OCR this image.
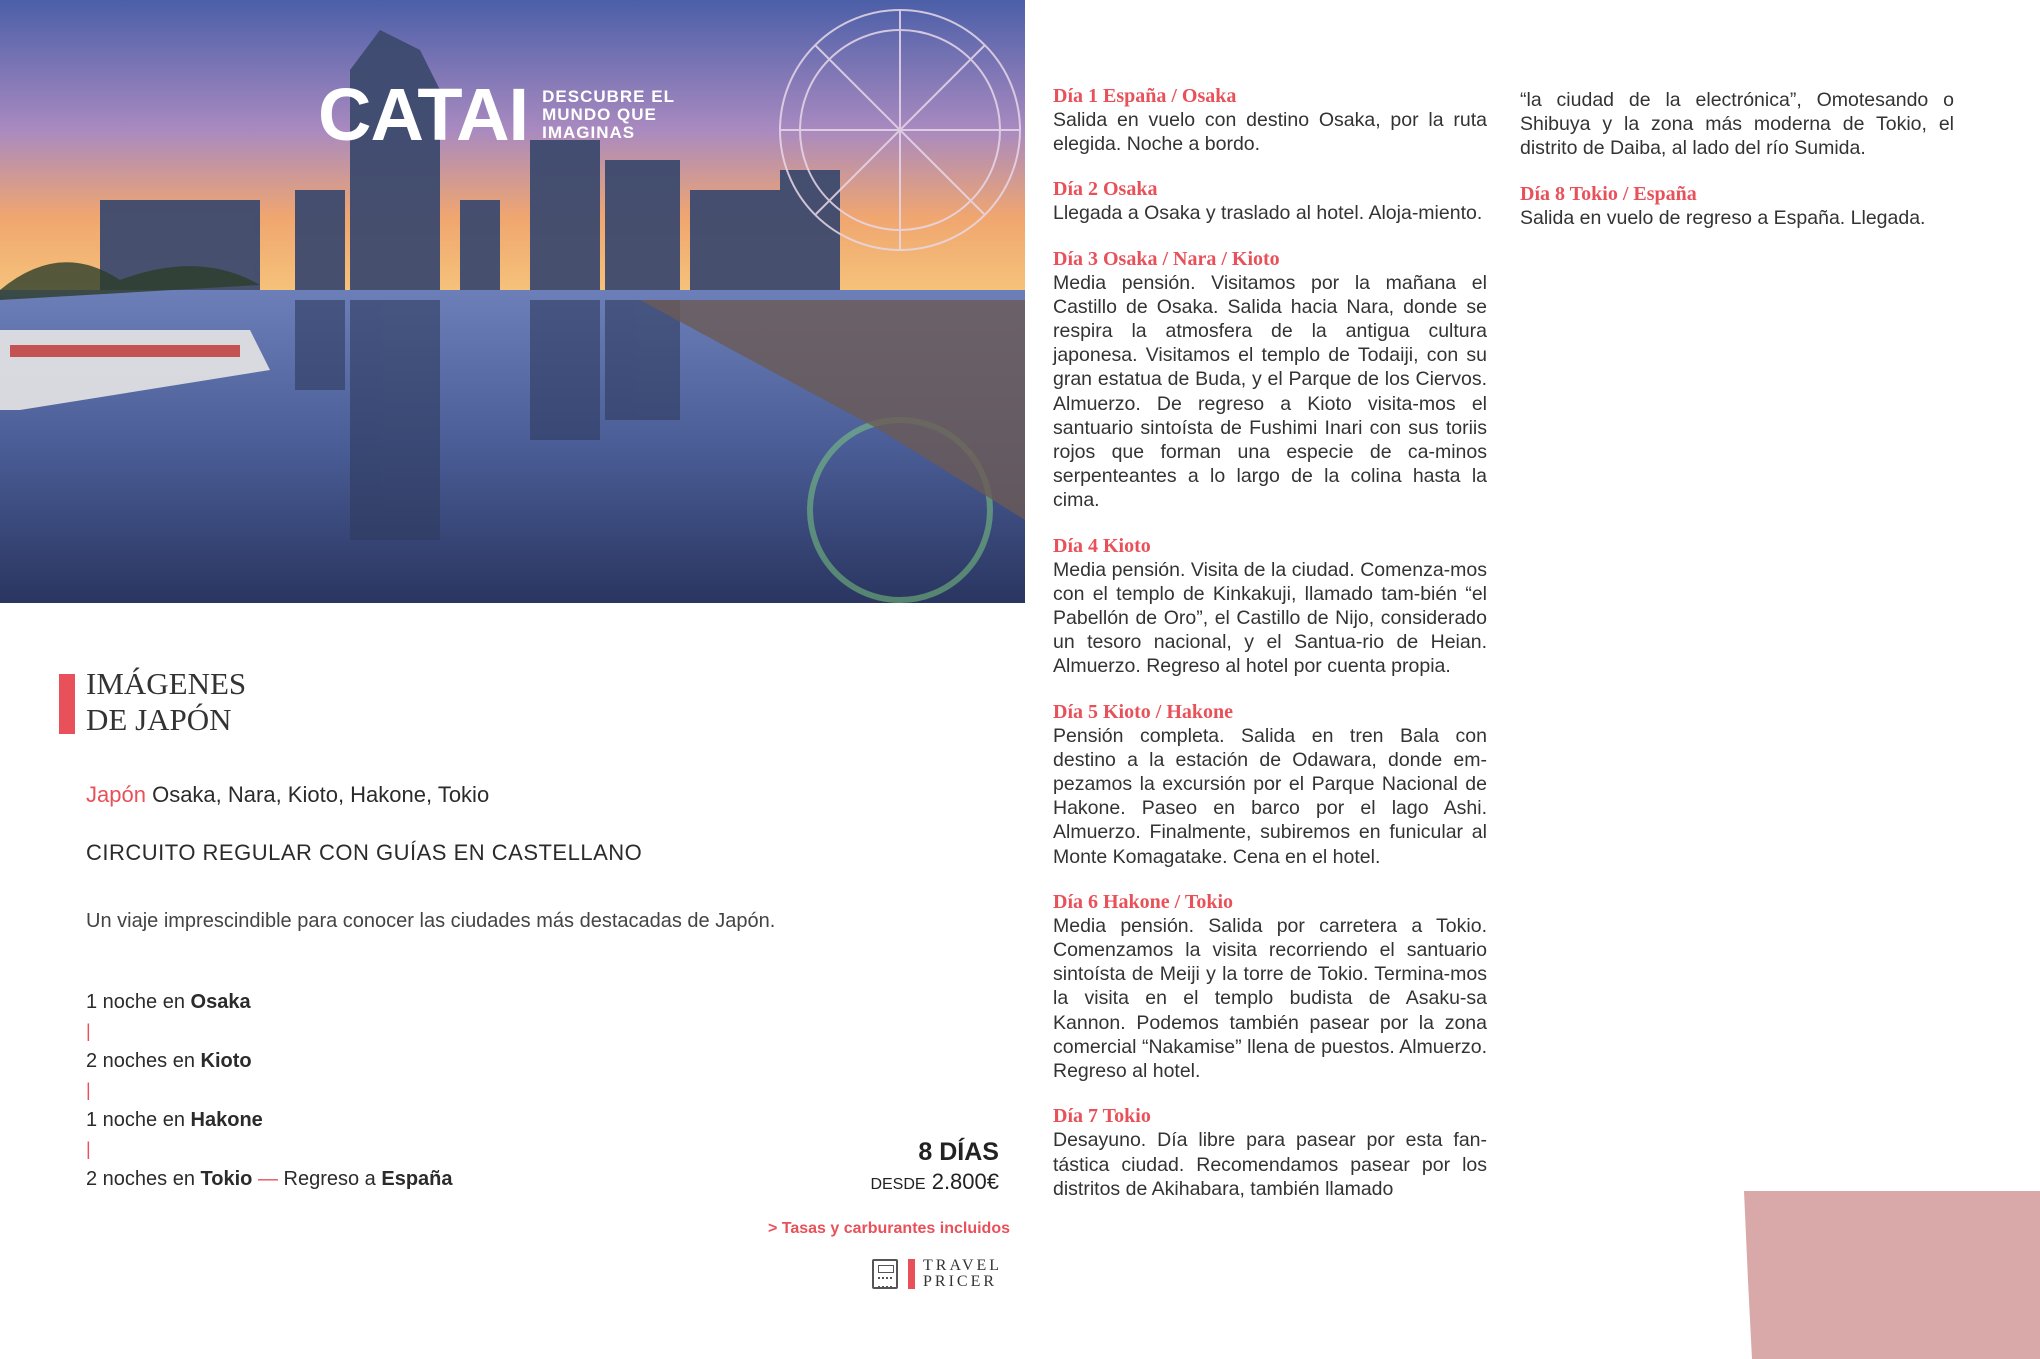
CATAI DESCUBRE EL
MUNDO QUE
IMAGINAS
IMÁGENES
DE JAPÓN
Japón Osaka, Nara, Kioto, Hakone, Tokio
CIRCUITO REGULAR CON GUÍAS EN CASTELLANO
Un viaje imprescindible para conocer las ciudades más destacadas de Japón.
1 noche en Osaka
|
2 noches en Kioto
|
1 noche en Hakone
|
2 noches en Tokio — Regreso a España
8 DÍAS
DESDE 2.800€
> Tasas y carburantes incluidos
TRAVEL
PRICER
Día 1 España / Osaka
Salida en vuelo con destino Osaka, por la ruta elegida. Noche a bordo.
Día 2 Osaka
Llegada a Osaka y traslado al hotel. Aloja-miento.
Día 3 Osaka / Nara / Kioto
Media pensión. Visitamos por la mañana el Castillo de Osaka. Salida hacia Nara, donde se respira la atmosfera de la antigua cultura japonesa. Visitamos el templo de Todaiji, con su gran estatua de Buda, y el Parque de los Ciervos. Almuerzo. De regreso a Kioto visita-mos el santuario sintoísta de Fushimi Inari con sus toriis rojos que forman una especie de ca-minos serpenteantes a lo largo de la colina hasta la cima.
Día 4 Kioto
Media pensión. Visita de la ciudad. Comenza-mos con el templo de Kinkakuji, llamado tam-bién “el Pabellón de Oro”, el Castillo de Nijo, considerado un tesoro nacional, y el Santua-rio de Heian. Almuerzo. Regreso al hotel por cuenta propia.
Día 5 Kioto / Hakone
Pensión completa. Salida en tren Bala con destino a la estación de Odawara, donde em-pezamos la excursión por el Parque Nacional de Hakone. Paseo en barco por el lago Ashi. Almuerzo. Finalmente, subiremos en funicular al Monte Komagatake. Cena en el hotel.
Día 6 Hakone / Tokio
Media pensión. Salida por carretera a Tokio. Comenzamos la visita recorriendo el santuario sintoísta de Meiji y la torre de Tokio. Termina-mos la visita en el templo budista de Asaku-sa Kannon. Podemos también pasear por la zona comercial “Nakamise” llena de puestos. Almuerzo. Regreso al hotel.
Día 7 Tokio
Desayuno. Día libre para pasear por esta fan-tástica ciudad. Recomendamos pasear por los distritos de Akihabara, también llamado
“la ciudad de la electrónica”, Omotesando o Shibuya y la zona más moderna de Tokio, el distrito de Daiba, al lado del río Sumida.
Día 8 Tokio / España
Salida en vuelo de regreso a España. Llegada.
